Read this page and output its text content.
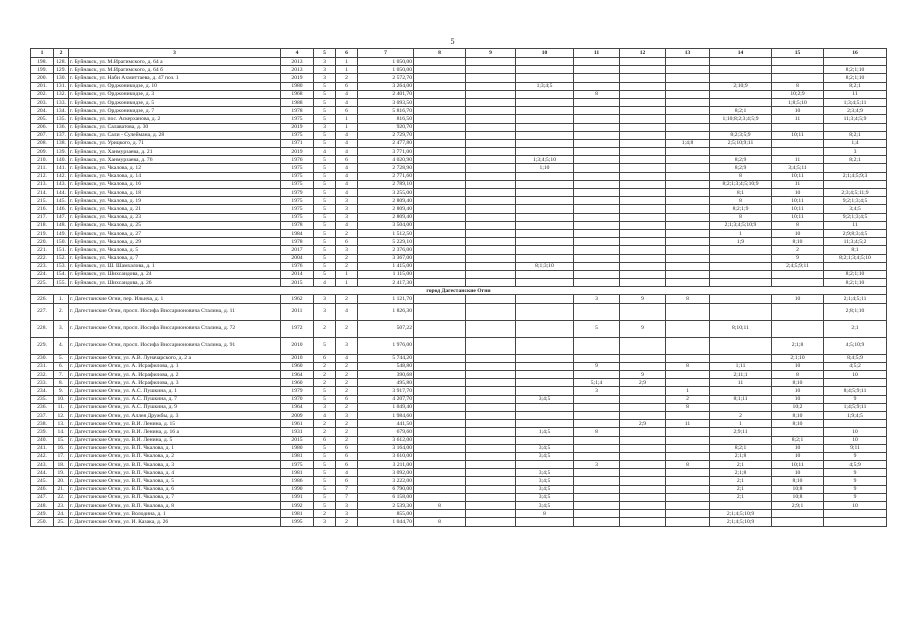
5
1	2	3	4	5	6	7	8	9	10	11	12	13	14	15	16
198.	128.	г. Буйнакск, ул. М.Ирагимского, д. 64 а	2013	3	1	1 050,00									
199.	129.	г. Буйнакск, ул. М.Ирагимского, д. 64 б	2013	3	1	1 050,00									8;2;1;10
200.	130.	г. Буйнакск, ул. Наби Ахмиттаева, д. 47 поз. 1	2019	3	2	2 572,70									8;2;1;10
201.	131.	г. Буйнакск, ул. Орджоникидзе, д. 10	1980	5	6	3 264,00			1;3;4;5				2;10;9	8	8;2;1
202.	132.	г. Буйнакск, ул. Орджоникидзе, д. 3	1968	5	4	2 401,70				8				10;2;9	11
203.	133.	г. Буйнакск, ул. Орджоникидзе, д. 5	1988	5	4	3 093,50								1;8;5;10	1;3;4;5;11
204.	134.	г. Буйнакск, ул. Орджоникидзе, д. 7	1978	5	6	5 816,70							8;2;1	10	2;3;4;9
205.	135.	г. Буйнакск, ул. пос. Аскерханова, д. 2	1975	5	1	816,50							1;10;8;2;3;4;5;9	11	11;3;4;5;9
206.	136.	г. Буйнакск, ул. Салаватова, д. 30	2019	3	1	920,70									
207.	137.	г. Буйнакск, ул. Сали - Сулеймана, д. 28	1975	5	4	2 729,70							8;2;3;5;9	10;11	8;2;1
208.	138.	г. Буйнакск, ул. Урицкого, д. 71	1971	5	4	2 477,80						1;4;8	2;5;10;9;11		1;4
209.	139.	г. Буйнакск, ул. Ханмурзаева, д. 21	2019	4	4	3 771,00									3
210.	140.	г. Буйнакск, ул. Ханмурзаева, д. 76	1976	5	6	4 020,90			1;3;4;5;10				8;2;9	11	8;2;1
211.	141.	г. Буйнакск, ул. Чкалова, д. 12	1975	5	4	2 728,90			1;10				8;2;9	3;4;5;11	
212.	142.	г. Буйнакск, ул. Чкалова, д. 14	1975	5	4	2 771,60							8	10;11	2;1;4;5;9;3
213.	143.	г. Буйнакск, ул. Чкалова, д. 16	1975	5	4	2 789,10							8;2;1;3;4;5;10;9	11	
214.	144.	г. Буйнакск, ул. Чкалова, д. 18	1979	5	4	3 255,00							8;1	10	2;3;4;5;11;9
215.	145.	г. Буйнакск, ул. Чкалова, д. 19	1975	5	3	2 809,40							8	10;11	9;2;1;3;4;5
216.	146.	г. Буйнакск, ул. Чкалова, д. 21	1975	5	3	2 809,40							8;2;1;9	10;11	3;4;5
217.	147.	г. Буйнакск, ул. Чкалова, д. 23	1975	5	3	2 809,40							8	10;11	9;2;1;3;4;5
218.	148.	г. Буйнакск, ул. Чкалова, д. 25	1978	5	4	3 504,00							2;1;3;4;5;10;9	8	11
219.	149.	г. Буйнакск, ул. Чкалова, д. 27	1984	5	2	1 512,50							1	10	2;9;8;3;4;5
220.	150.	г. Буйнакск, ул. Чкалова, д. 29	1978	5	6	5 229,10							1;9	8;10	11;3;4;5;2
221.	151.	г. Буйнакск, ул. Чкалова, д. 5	2017	5	3	2 376,00								2	8;1
222.	152.	г. Буйнакск, ул. Чкалова, д. 7	2004	5	2	3 367,00								9	8;2;1;3;4;5;10
223.	153.	г. Буйнакск, ул. Ш. Шамхалова, д. 1	1976	5	2	1 415,00			8;1;3;10					2;4;5;9;11	
224.	154.	г. Буйнакск, ул. Шихсаидова, д. 24	2014	5	1	1 115,00									8;2;1;10
225.	155.	г. Буйнакск, ул. Шихсаидова, д. 26	2015	4	1	2 417,30									8;2;1;10
город Дагестанские Огни															
226.	1.	г. Дагестанские Огни, пер. Ильича, д. 1	1962	3	2	1 121,70				3	9	8		10	2;1;4;5;11
227.	2.	г. Дагестанские Огни, просп. Иосифа Виссарионовича Сталина, д. 11	2011	3	4	1 826,30									2;8;1;10
228.	3.	г. Дагестанские Огни, просп. Иосифа Виссарионовича Сталина, д. 72	1972	2	2	507,22				5	9		8;10;11		2;1
229.	4.	г. Дагестанские Огни, просп. Иосифа Виссарионовича Сталина, д. 91	2010	5	3	1 976,00								2;1;8	4;5;10;9
230.	5.	г. Дагестанские Огни, ул. А.В. Луначарского, д. 2 а	2010	6	4	5 744,20								2;1;10	8;4;5;9
231.	6.	г. Дагестанские Огни, ул. А. Исрафилова, д. 1	1960	2	2	548,80				9		8	1;11	10	4;5;2
232.	7.	г. Дагестанские Огни, ул. А. Исрафилова, д. 2	1964	2	2	390,68					9		2;11;1	8	10
233.	8.	г. Дагестанские Огни, ул. А. Исрафилова, д. 3	1960	2	2	495,80				5;1;4	2;9		11	8;10	
234.	9.	г. Дагестанские Огни, ул. А.С. Пушкина, д. 1	1979	5	2	3 917,70				3		1		10	8;4;5;9;11
235.	10.	г. Дагестанские Огни, ул. А.С. Пушкина, д. 7	1970	5	6	4 207,70			3;4;5			2	8;1;11	10	9
236.	11.	г. Дагестанские Огни, ул. А.С. Пушкина, д. 9	1964	3	2	1 049,40						8		10;2	1;4;5;9;11
237.	12.	г. Дагестанские Огни, ул. Аллея Дружбы, д. 3	2009	4	3	1 984,60							2	8;10	1;9;4;5
238.	13.	г. Дагестанские Огни, ул. В.И. Ленина, д. 15	1961	2	2	441,50					2;9	11	1	8;10	
239.	14.	г. Дагестанские Огни, ул. В.И. Ленина, д. 16 а	1931	2	2	679,60			1;4;5	8			2;9;11		10
240.	15.	г. Дагестанские Огни, ул. В.И. Ленина, д. 5	2015	6	2	3 612,00								8;2;1	10
241.	16.	г. Дагестанские Огни, ул. В.П. Чкалова, д. 1	1980	5	6	3 164,00			3;4;5				8;2;1	10	9;11
242.	17.	г. Дагестанские Огни, ул. В.П. Чкалова, д. 2	1981	5	6	3 610,00			3;4;5				2;1;8	10	9
243.	18.	г. Дагестанские Огни, ул. В.П. Чкалова, д. 3	1975	5	6	3 211,00				3		8	2;1	10;11	4;5;9
244.	19.	г. Дагестанские Огни, ул. В.П. Чкалова, д. 4	1981	5	4	3 092,00			3;4;5				2;1;8	10	9
245.	20.	г. Дагестанские Огни, ул. В.П. Чкалова, д. 5	1986	5	6	3 222,00			3;4;5				2;1	8;10	9
246.	21.	г. Дагестанские Огни, ул. В.П. Чкалова, д. 6	1990	5	7	6 790,00			3;4;5				2;1	10;8	9
247.	22.	г. Дагестанские Огни, ул. В.П. Чкалова, д. 7	1991	5	7	6 158,00			3;4;5				2;1	10;8	9
248.	23.	г. Дагестанские Огни, ул. В.П. Чкалова, д. 8	1992	5	3	2 539,30	8		3;4;5					2;9;1	10
249.	24.	г. Дагестанские Огни, ул. Володина, д. 1	1981	2	3	855,00			8				2;1;4;5;10;9		
250.	25.	г. Дагестанские Огни, ул. И. Казака, д. 26	1995	3	2	1 044,70	8						2;1;4;5;10;9		
